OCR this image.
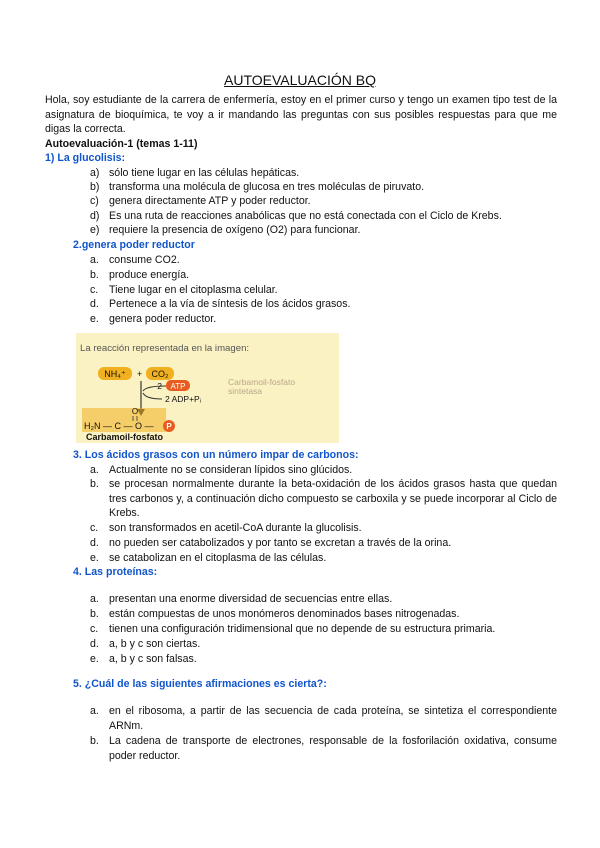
AUTOEVALUACIÓN BQ
Hola, soy estudiante de la carrera de enfermería, estoy en el primer curso y tengo un examen tipo test de la asignatura de bioquímica, te voy a ir mandando las preguntas con sus posibles respuestas para que me digas la correcta.
Autoevaluación-1 (temas 1-11)
1) La glucolisis:
a) sólo tiene lugar en las células hepáticas.
b) transforma una molécula de glucosa en tres moléculas de piruvato.
c) genera directamente ATP y poder reductor.
d) Es una ruta de reacciones anabólicas que no está conectada con el Ciclo de Krebs.
e) requiere la presencia de oxígeno (O2) para funcionar.
2.genera poder reductor
a. consume CO2.
b. produce energía.
c. Tiene lugar en el citoplasma celular.
d. Pertenece a la vía de síntesis de los ácidos grasos.
e. genera poder reductor.
La reacción representada en la imagen:
NH₄⁺ + CO₂
2 ATP
2 ADP+Pᵢ
Carbamoil-fosfato
sintetasa
O
H₂N — C — O — P
Carbamoil-fosfato
3. Los ácidos grasos con un número impar de carbonos:
a. Actualmente no se consideran lípidos sino glúcidos.
b. se procesan normalmente durante la beta-oxidación de los ácidos grasos hasta que quedan tres carbonos y, a continuación dicho compuesto se carboxila y se puede incorporar al Ciclo de Krebs.
c. son transformados en acetil-CoA durante la glucolisis.
d. no pueden ser catabolizados y por tanto se excretan a través de la orina.
e. se catabolizan en el citoplasma de las células.
4. Las proteínas:
a. presentan una enorme diversidad de secuencias entre ellas.
b. están compuestas de unos monómeros denominados bases nitrogenadas.
c. tienen una configuración tridimensional que no depende de su estructura primaria.
d. a, b y c son ciertas.
e. a, b y c son falsas.
5. ¿Cuál de las siguientes afirmaciones es cierta?:
a. en el ribosoma, a partir de las secuencia de cada proteína, se sintetiza el correspondiente ARNm.
b. La cadena de transporte de electrones, responsable de la fosforilación oxidativa, consume poder reductor.
